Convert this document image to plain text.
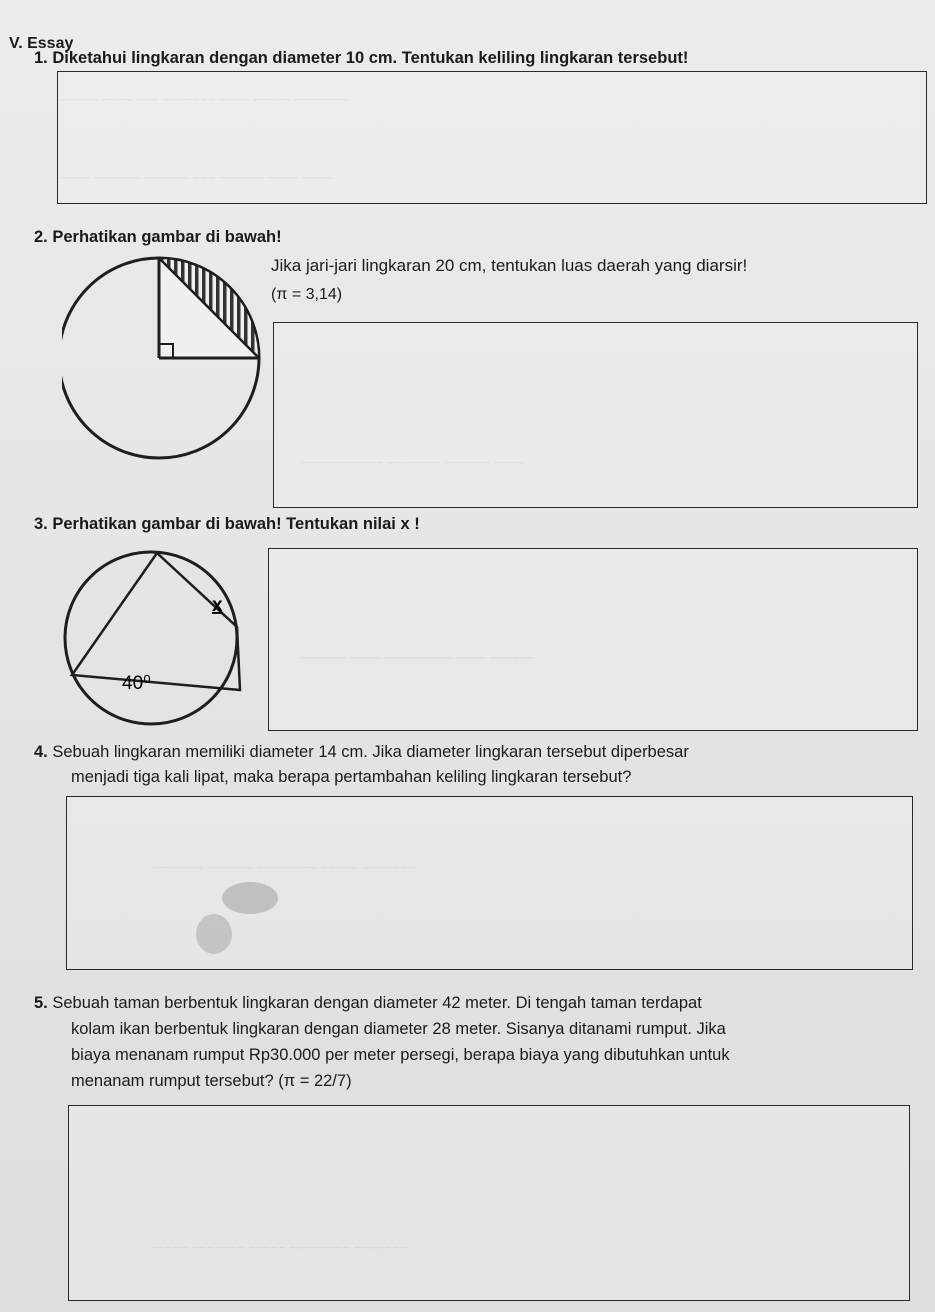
~~~~~ ~~~~ ~~~ ~~~~~~~ ~~~~ ~~~~~ ~~~~~~~
~~~~ ~~~~~~ ~~~~~~ ~~~ ~~~~~~ ~~~~ ~~~~
~~~~~~~~~~~ ~~~~~~~ ~~~~~~ ~~~~
~~~~~~ ~~~~ ~~~~~~~~~ ~~~~ ~~~~~~
~~~~~~~ ~~~~~~ ~~~~~~~~ ~~~~~ ~~~~~~~
~~~~~ ~~~~~~~ ~~~~~ ~~~~~~~~ ~~~~~~~
V. Essay
1. Diketahui lingkaran dengan diameter 10 cm. Tentukan keliling lingkaran tersebut!
2. Perhatikan gambar di bawah!
Jika jari-jari lingkaran 20 cm, tentukan luas daerah yang diarsir!
(π = 3,14)
3. Perhatikan gambar di bawah! Tentukan nilai x !
x
40⁰
4. Sebuah lingkaran memiliki diameter 14 cm. Jika diameter lingkaran tersebut diperbesar
menjadi tiga kali lipat, maka berapa pertambahan keliling lingkaran tersebut?
5. Sebuah taman berbentuk lingkaran dengan diameter 42 meter. Di tengah taman terdapat
kolam ikan berbentuk lingkaran dengan diameter 28 meter. Sisanya ditanami rumput. Jika
biaya menanam rumput Rp30.000 per meter persegi, berapa biaya yang dibutuhkan untuk
menanam rumput tersebut? (π = 22/7)
